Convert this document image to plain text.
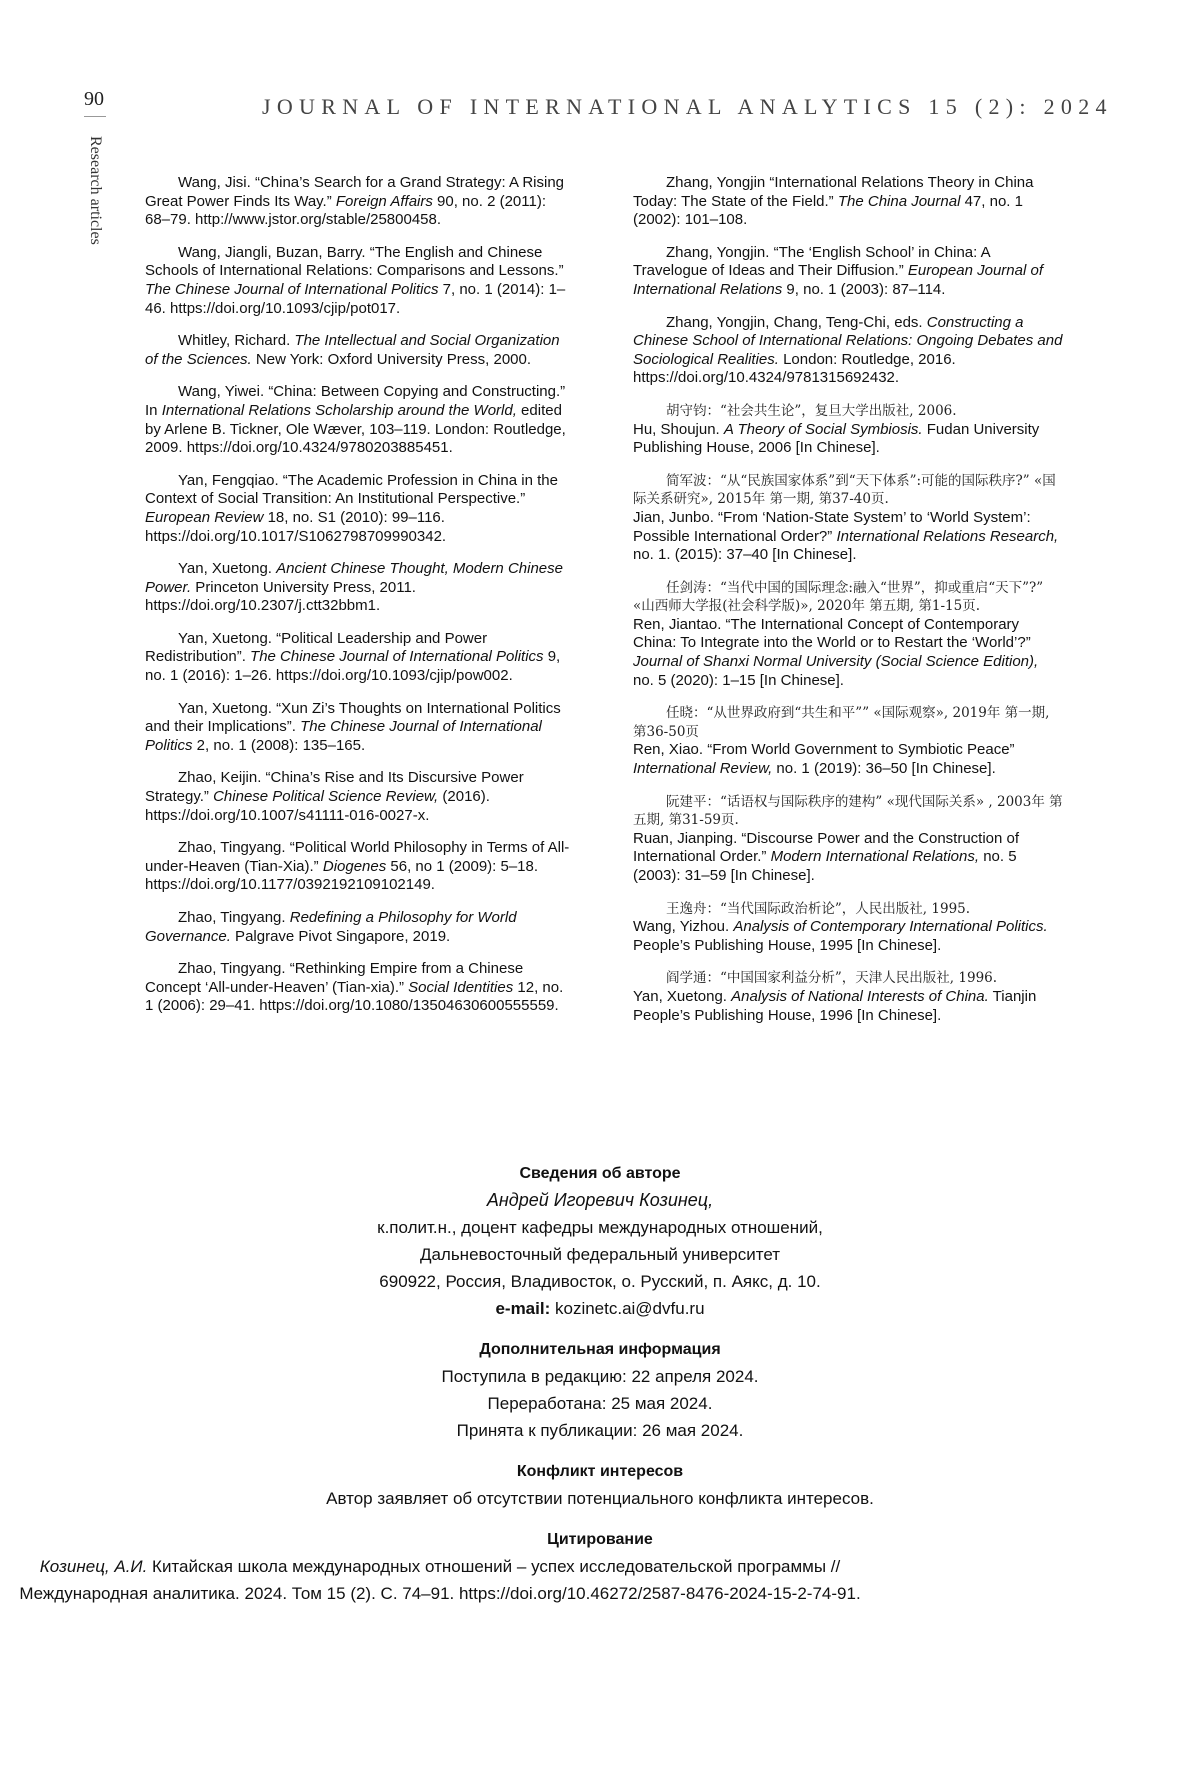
90	JOURNAL OF INTERNATIONAL ANALYTICS 15 (2): 2024
Research articles	Wang, Jisi. “China’s Search for a Grand Strategy: A Rising Great Power Finds Its Way.” Foreign Affairs 90, no. 2 (2011): 68–79. http://www.jstor.org/stable/25800458.

Wang, Jiangli, Buzan, Barry. “The English and Chinese Schools of International Relations: Comparisons and Lessons.” The Chinese Journal of International Politics 7, no. 1 (2014): 1–46. https://doi.org/10.1093/cjip/pot017.

Whitley, Richard. The Intellectual and Social Organization of the Sciences. New York: Oxford University Press, 2000.

Wang, Yiwei. “China: Between Copying and Constructing.” In International Relations Scholarship around the World, edited by Arlene B. Tickner, Ole Wæver, 103–119. London: Routledge, 2009. https://doi.org/10.4324/9780203885451.

Yan, Fengqiao. “The Academic Profession in China in the Context of Social Transition: An Institutional Perspective.” European Review 18, no. S1 (2010): 99–116. https://doi.org/10.1017/S1062798709990342.

Yan, Xuetong. Ancient Chinese Thought, Modern Chinese Power. Princeton University Press, 2011. https://doi.org/10.2307/j.ctt32bbm1.

Yan, Xuetong. “Political Leadership and Power Redistribution”. The Chinese Journal of International Politics 9, no. 1 (2016): 1–26. https://doi.org/10.1093/cjip/pow002.

Yan, Xuetong. “Xun Zi’s Thoughts on International Politics and their Implications”. The Chinese Journal of International Politics 2, no. 1 (2008): 135–165.

Zhao, Keijin. “China’s Rise and Its Discursive Power Strategy.” Chinese Political Science Review, (2016). https://doi.org/10.1007/s41111-016-0027-x.

Zhao, Tingyang. “Political World Philosophy in Terms of All-under-Heaven (Tian-Xia).” Diogenes 56, no 1 (2009): 5–18. https://doi.org/10.1177/0392192109102149.

Zhao, Tingyang. Redefining a Philosophy for World Governance. Palgrave Pivot Singapore, 2019.

Zhao, Tingyang. “Rethinking Empire from a Chinese Concept ‘All-under-Heaven’ (Tian-xia).” Social Identities 12, no. 1 (2006): 29–41. https://doi.org/10.1080/13504630600555559.

Zhang, Yongjin “International Relations Theory in China Today: The State of the Field.” The China Journal 47, no. 1 (2002): 101–108.

Zhang, Yongjin. “The ‘English School’ in China: A Travelogue of Ideas and Their Diffusion.” European Journal of International Relations 9, no. 1 (2003): 87–114.

Zhang, Yongjin, Chang, Teng-Chi, eds. Constructing a Chinese School of International Relations: Ongoing Debates and Sociological Realities. London: Routledge, 2016. https://doi.org/10.4324/9781315692432.

胡守钧：“社会共生论”，复旦大学出版社, 2006.
Hu, Shoujun. A Theory of Social Symbiosis. Fudan University Publishing House, 2006 [In Chinese].

简军波：“从“民族国家体系”到“天下体系”:可能的国际秩序?” «国际关系研究», 2015年 第一期, 第37-40页.
Jian, Junbo. “From ‘Nation-State System’ to ‘World System’: Possible International Order?” International Relations Research, no. 1. (2015): 37–40 [In Chinese].

任剑涛：“当代中国的国际理念:融入“世界”，抑或重启“天下”?” «山西师大学报(社会科学版)», 2020年 第五期, 第1-15页.
Ren, Jiantao. “The International Concept of Contemporary China: To Integrate into the World or to Restart the ‘World’?” Journal of Shanxi Normal University (Social Science Edition), no. 5 (2020): 1–15 [In Chinese].

任晓：“从世界政府到“共生和平”” «国际观察», 2019年 第一期, 第36-50页
Ren, Xiao. “From World Government to Symbiotic Peace” International Review, no. 1 (2019): 36–50 [In Chinese].

阮建平：“话语权与国际秩序的建构” «现代国际关系» , 2003年 第五期, 第31-59页.
Ruan, Jianping. “Discourse Power and the Construction of International Order.” Modern International Relations, no. 5 (2003): 31–59 [In Chinese].

王逸舟：“当代国际政治析论”，人民出版社, 1995.
Wang, Yizhou. Analysis of Contemporary International Politics. People’s Publishing House, 1995 [In Chinese].

阎学通：“中国国家利益分析”，天津人民出版社, 1996.
Yan, Xuetong. Analysis of National Interests of China. Tianjin People’s Publishing House, 1996 [In Chinese].

Сведения об авторе

Андрей Игоревич Козинец,

к.полит.н., доцент кафедры международных отношений,

Дальневосточный федеральный университет

690922, Россия, Владивосток, о. Русский, п. Аякс, д. 10.

e-mail: kozinetc.ai@dvfu.ru

Дополнительная информация

Поступила в редакцию: 22 апреля 2024.

Переработана: 25 мая 2024.

Принята к публикации: 26 мая 2024.

Конфликт интересов

Автор заявляет об отсутствии потенциального конфликта интересов.

Цитирование

Козинец, А.И. Китайская школа международных отношений – успех исследовательской программы // Международная аналитика. 2024. Том 15 (2). С. 74–91. https://doi.org/10.46272/2587-8476-2024-15-2-74-91.
